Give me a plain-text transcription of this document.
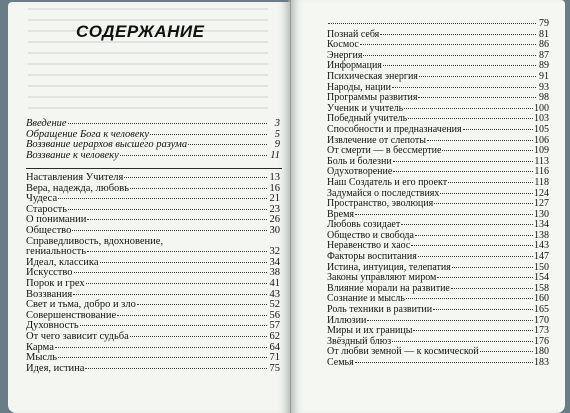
СОДЕРЖАНИЕ
Введение	3
Обращение Бога к человеку	5
Воззвание иерархов высшего разума	9
Воззвание к человеку	11
Наставления Учителя	13
Вера, надежда, любовь	16
Чудеса	21
Старость	23
О понимании	26
Общество	30
Справедливость, вдохновение,
гениальность	32
Идеал, классика	34
Искусство	38
Порок и грех	41
Воззвания	43
Свет и тьма, добро и зло	52
Совершенствование	56
Духовность	57
От чего зависит судьба	62
Карма	64
Мысль	71
Идея, истина	75
79
Познай себя	81
Космос	86
Энергия	87
Информация	89
Психическая энергия	91
Народы, нации	93
Программы развития	98
Ученик и учитель	100
Победный учитель	103
Способности и предназначения	105
Извлечение от слепоты	106
От смерти — в бессмертие	109
Боль и болезни	113
Одухотворение	116
Наш Создатель и его проект	118
Задумайся о последствиях	124
Пространство, эволюция	127
Время	130
Любовь созидает	134
Общество и свобода	138
Неравенство и хаос	143
Факторы воспитания	147
Истина, интуиция, телепатия	150
Законы управляют миром	154
Влияние морали на развитие	158
Сознание и мысль	160
Роль техники в развитии	165
Иллюзии	170
Миры и их границы	173
Звёздный блюз	176
От любви земной — к космической	180
Семья	183
